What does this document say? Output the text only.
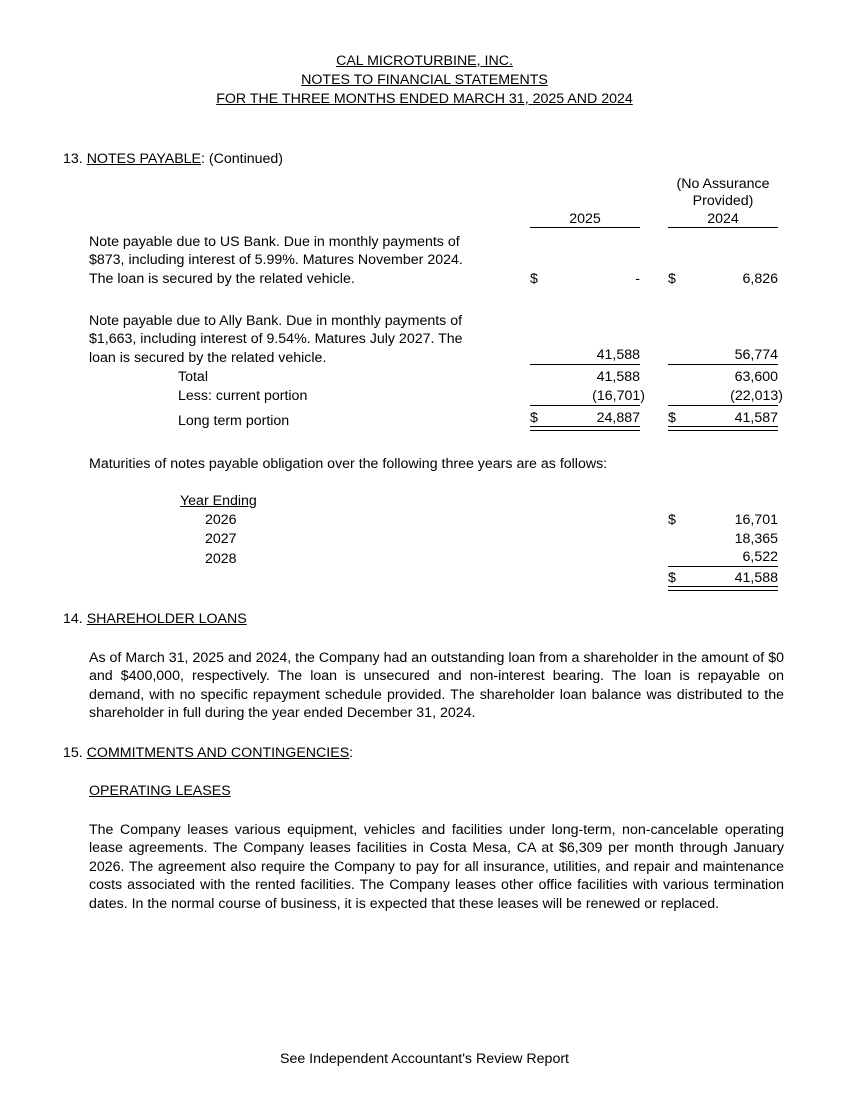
CAL MICROTURBINE, INC.
NOTES TO FINANCIAL STATEMENTS
FOR THE THREE MONTHS ENDED MARCH 31, 2025 AND 2024
13. NOTES PAYABLE: (Continued)
(No Assurance
Provided)
2025	2024
Note payable due to US Bank. Due in monthly payments of
$873, including interest of 5.99%. Matures November 2024.
The loan is secured by the related vehicle.	$	- $	6,826
Note payable due to Ally Bank. Due in monthly payments of
$1,663, including interest of 9.54%. Matures July 2027. The
loan is secured by the related vehicle.	41,588	56,774
Total	41,588	63,600
Less: current portion	(16,701)	(22,013)
Long term portion	$	24,887 $	41,587
Maturities of notes payable obligation over the following three years are as follows:
Year Ending
2026	$	16,701
2027	18,365
2028	6,522
$	41,588
14. SHAREHOLDER LOANS
As of March 31, 2025 and 2024, the Company had an outstanding loan from a shareholder in the amount of $0 and $400,000, respectively. The loan is unsecured and non-interest bearing. The loan is repayable on demand, with no specific repayment schedule provided. The shareholder loan balance was distributed to the shareholder in full during the year ended December 31, 2024.
15. COMMITMENTS AND CONTINGENCIES:
OPERATING LEASES
The Company leases various equipment, vehicles and facilities under long-term, non-cancelable operating lease agreements. The Company leases facilities in Costa Mesa, CA at $6,309 per month through January 2026. The agreement also require the Company to pay for all insurance, utilities, and repair and maintenance costs associated with the rented facilities. The Company leases other office facilities with various termination dates. In the normal course of business, it is expected that these leases will be renewed or replaced.
See Independent Accountant's Review Report
